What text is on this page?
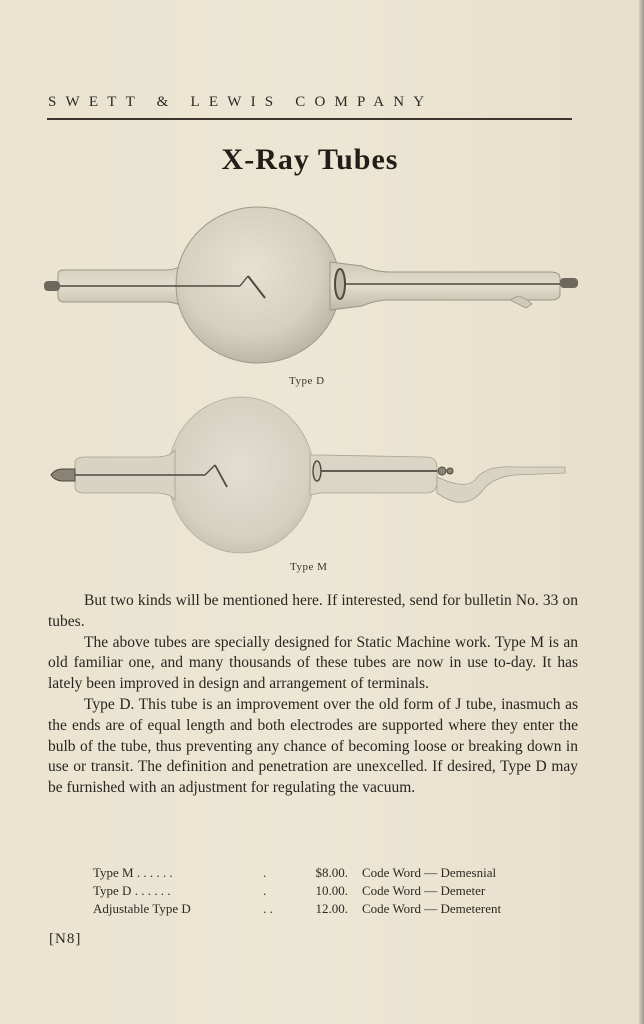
SWETT & LEWIS COMPANY
X-Ray Tubes
Type D
Type M

But two kinds will be mentioned here. If interested, send for bulletin No. 33 on tubes.

The above tubes are specially designed for Static Machine work. Type M is an old familiar one, and many thousands of these tubes are now in use to-day. It has lately been improved in design and arrangement of terminals.

Type D. This tube is an improvement over the old form of J tube, inasmuch as the ends are of equal length and both electrodes are supported where they enter the bulb of the tube, thus preventing any chance of becoming loose or breaking down in use or transit. The definition and penetration are unexcelled. If desired, Type D may be furnished with an adjustment for regulating the vacuum.

Type M . . . . . .	.	$8.00. Code Word — Demesnial
Type D . . . . . .	.	10.00. Code Word — Demeter
Adjustable Type D	. .	12.00. Code Word — Demeterent
[N8]
